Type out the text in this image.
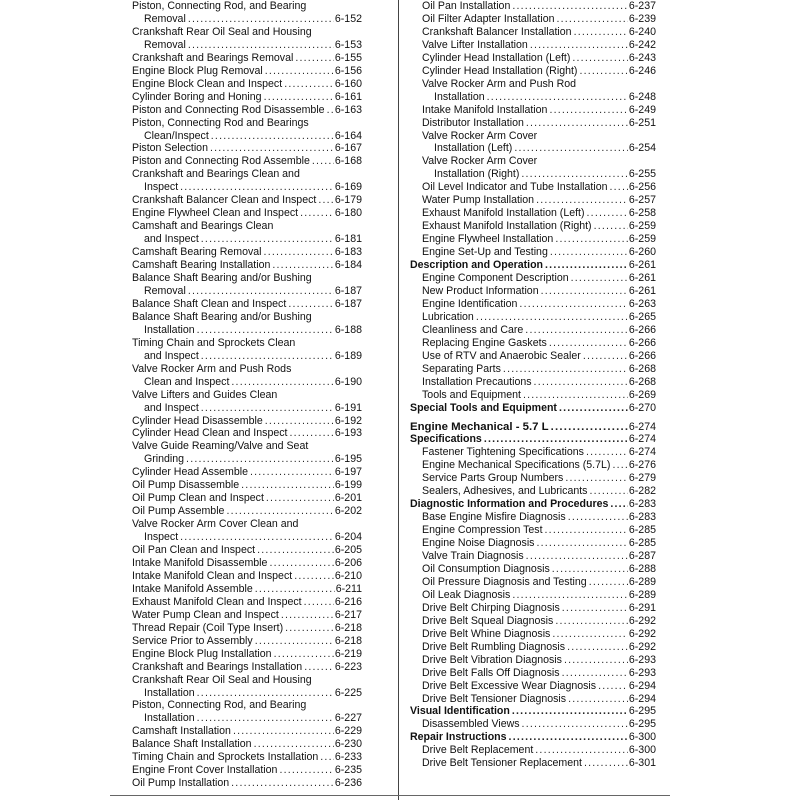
Piston, Connecting Rod, and Bearing
Removal .....	6-152
Crankshaft Rear Oil Seal and Housing
Removal .....	6-153
Crankshaft and Bearings Removal .....	6-155
Engine Block Plug Removal .....	6-156
Engine Block Clean and Inspect .....	6-160
Cylinder Boring and Honing .....	6-161
Piston and Connecting Rod Disassemble ..... 6-163
Piston, Connecting Rod and Bearings
Clean/Inspect .....	6-164
Piston Selection .....	6-167
Piston and Connecting Rod Assemble ..... 6-168
Crankshaft and Bearings Clean and
Inspect .....	6-169
Crankshaft Balancer Clean and Inspect ..... 6-179
Engine Flywheel Clean and Inspect .....	6-180
Camshaft and Bearings Clean
and Inspect .....	6-181
Camshaft Bearing Removal .....	6-183
Camshaft Bearing Installation .....	6-184
Balance Shaft Bearing and/or Bushing
Removal .....	6-187
Balance Shaft Clean and Inspect .....	6-187
Balance Shaft Bearing and/or Bushing
Installation .....	6-188
Timing Chain and Sprockets Clean
and Inspect .....	6-189
Valve Rocker Arm and Push Rods
Clean and Inspect .....	6-190
Valve Lifters and Guides Clean
and Inspect .....	6-191
Cylinder Head Disassemble .....	6-192
Cylinder Head Clean and Inspect .....	6-193
Valve Guide Reaming/Valve and Seat
Grinding .....	6-195
Cylinder Head Assemble .....	6-197
Oil Pump Disassemble .....	6-199
Oil Pump Clean and Inspect .....	6-201
Oil Pump Assemble .....	6-202
Valve Rocker Arm Cover Clean and
Inspect .....	6-204
Oil Pan Clean and Inspect .....	6-205
Intake Manifold Disassemble .....	6-206
Intake Manifold Clean and Inspect .....	6-210
Intake Manifold Assemble .....	6-211
Exhaust Manifold Clean and Inspect .....	6-216
Water Pump Clean and Inspect .....	6-217
Thread Repair (Coil Type Insert) .....	6-218
Service Prior to Assembly .....	6-218
Engine Block Plug Installation .....	6-219
Crankshaft and Bearings Installation .....	6-223
Crankshaft Rear Oil Seal and Housing
Installation .....	6-225
Piston, Connecting Rod, and Bearing
Installation .....	6-227
Camshaft Installation .....	6-229
Balance Shaft Installation .....	6-230
Timing Chain and Sprockets Installation ..... 6-233
Engine Front Cover Installation .....	6-235
Oil Pump Installation .....	6-236
Oil Pan Installation .....	6-237
Oil Filter Adapter Installation .....	6-239
Crankshaft Balancer Installation .....	6-240
Valve Lifter Installation .....	6-242
Cylinder Head Installation (Left) .....	6-243
Cylinder Head Installation (Right) .....	6-246
Valve Rocker Arm and Push Rod
Installation .....	6-248
Intake Manifold Installation .....	6-249
Distributor Installation .....	6-251
Valve Rocker Arm Cover
Installation (Left) .....	6-254
Valve Rocker Arm Cover
Installation (Right) .....	6-255
Oil Level Indicator and Tube Installation ..... 6-256
Water Pump Installation .....	6-257
Exhaust Manifold Installation (Left) .....	6-258
Exhaust Manifold Installation (Right) .....	6-259
Engine Flywheel Installation .....	6-259
Engine Set-Up and Testing .....	6-260
Description and Operation .....	6-261
Engine Component Description .....	6-261
New Product Information .....	6-261
Engine Identification .....	6-263
Lubrication .....	6-265
Cleanliness and Care .....	6-266
Replacing Engine Gaskets .....	6-266
Use of RTV and Anaerobic Sealer .....	6-266
Separating Parts .....	6-268
Installation Precautions .....	6-268
Tools and Equipment .....	6-269
Special Tools and Equipment .....	6-270
Engine Mechanical - 5.7 L .....	6-274
Specifications .....	6-274
Fastener Tightening Specifications .....	6-274
Engine Mechanical Specifications (5.7L) ..... 6-276
Service Parts Group Numbers .....	6-279
Sealers, Adhesives, and Lubricants .....	6-282
Diagnostic Information and Procedures ..... 6-283
Base Engine Misfire Diagnosis .....	6-283
Engine Compression Test .....	6-285
Engine Noise Diagnosis .....	6-285
Valve Train Diagnosis .....	6-287
Oil Consumption Diagnosis .....	6-288
Oil Pressure Diagnosis and Testing .....	6-289
Oil Leak Diagnosis .....	6-289
Drive Belt Chirping Diagnosis .....	6-291
Drive Belt Squeal Diagnosis .....	6-292
Drive Belt Whine Diagnosis .....	6-292
Drive Belt Rumbling Diagnosis .....	6-292
Drive Belt Vibration Diagnosis .....	6-293
Drive Belt Falls Off Diagnosis .....	6-293
Drive Belt Excessive Wear Diagnosis .....	6-294
Drive Belt Tensioner Diagnosis .....	6-294
Visual Identification .....	6-295
Disassembled Views .....	6-295
Repair Instructions .....	6-300
Drive Belt Replacement .....	6-300
Drive Belt Tensioner Replacement .....	6-301
